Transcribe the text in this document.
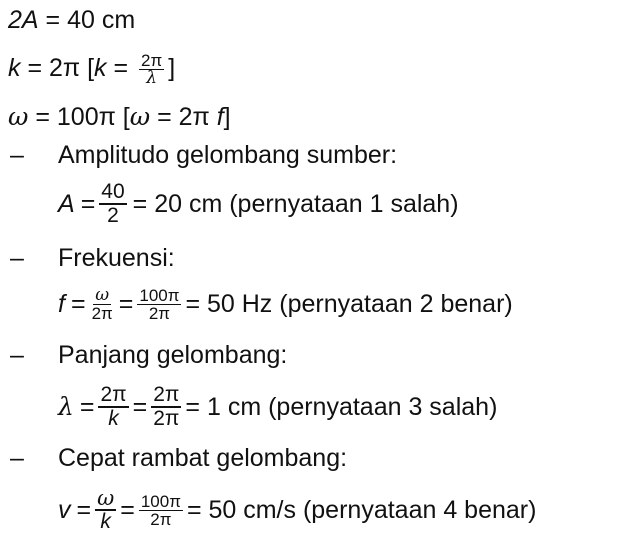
2A = 40 cm
k = 2π [$k = \frac{2\pi}{\lambda}$ ]
ω = 100π [ω = 2π f]
– Amplitudo gelombang sumber:
$A = \frac{40}{2} = 20$ cm (pernyataan 1 salah)
– Frekuensi:
$f = \frac{\omega}{2\pi} = \frac{100\pi}{2\pi} = 50$ Hz (pernyataan 2 benar)
– Panjang gelombang:
$\lambda = \frac{2\pi}{k} = \frac{2\pi}{2\pi} = 1$ cm (pernyataan 3 salah)
– Cepat rambat gelombang:
$v = \frac{\omega}{k} = \frac{100\pi}{2\pi} = 50$ cm/s (pernyataan 4 benar)
